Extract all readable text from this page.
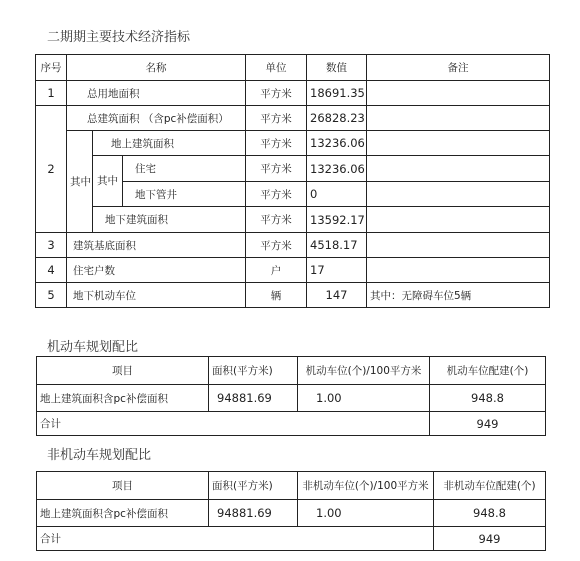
二期期主要技术经济指标
序号	名称			单位	数值	备注
1	总用地面积			平方米	18691.35	
2	总建筑面积 （含pc补偿面积）			平方米	26828.23	
	其中	地上建筑面积		平方米	13236.06	
		其中	住宅	平方米	13236.06	
			地下管井	平方米	0	
		地下建筑面积		平方米	13592.17	
3	建筑基底面积			平方米	4518.17	
4	住宅户数			户	17	
5	地下机动车位			辆	147	其中：无障碍车位5辆
机动车规划配比
项目	面积(平方米)	机动车位(个)/100平方米	机动车位配建(个)
地上建筑面积含pc补偿面积	94881.69	1.00	948.8
合计			949
非机动车规划配比
项目	面积(平方米)	非机动车位(个)/100平方米	非机动车位配建(个)
地上建筑面积含pc补偿面积	94881.69	1.00	948.8
合计			949
